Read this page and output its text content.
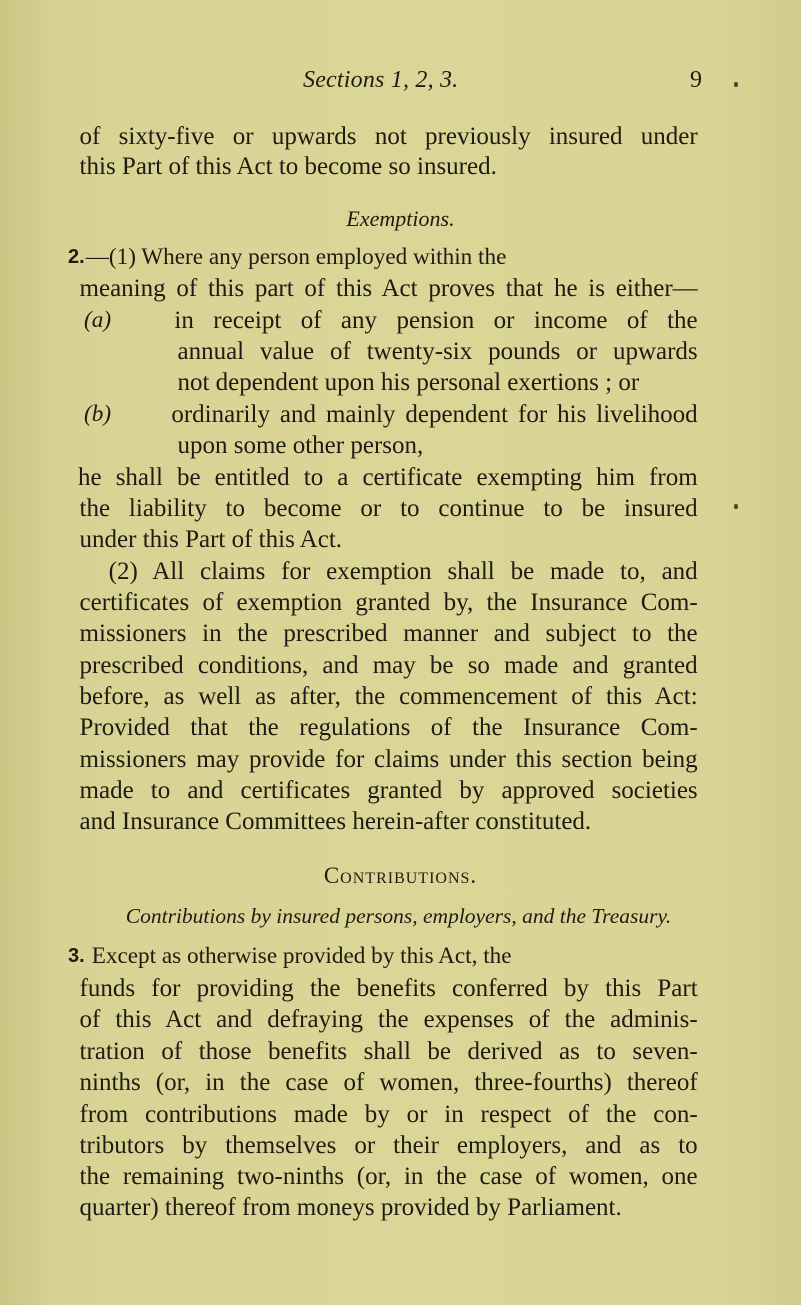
Sections 1, 2, 3.	9
of sixty-five or upwards not previously insured under
this Part of this Act to become so insured.
Exemptions.
2. —(1) Where any person employed within the
meaning of this part of this Act proves that he is either—
(a)	in receipt of any pension or income of the
annual value of twenty-six pounds or upwards
not dependent upon his personal exertions ; or
(b) ordinarily and mainly dependent for his livelihood
upon some other person,
he shall be entitled to a certificate exempting him from
the liability to become or to continue to be insured
under this Part of this Act.
(2) All claims for exemption shall be made to, and
certificates of exemption granted by, the Insurance Com-
missioners in the prescribed manner and subject to the
prescribed conditions, and may be so made and granted
before, as well as after, the commencement of this Act:
Provided that the regulations of the Insurance Com-
missioners may provide for claims under this section being
made to and certificates granted by approved societies
and Insurance Committees herein-after constituted.
Contributions.
Contributions by insured persons, employers, and the Treasury.
3. Except as otherwise provided by this Act, the
funds for providing the benefits conferred by this Part
of this Act and defraying the expenses of the adminis-
tration of those benefits shall be derived as to seven-
ninths (or, in the case of women, three-fourths) thereof
from contributions made by or in respect of the con-
tributors by themselves or their employers, and as to
the remaining two-ninths (or, in the case of women, one
quarter) thereof from moneys provided by Parliament.
